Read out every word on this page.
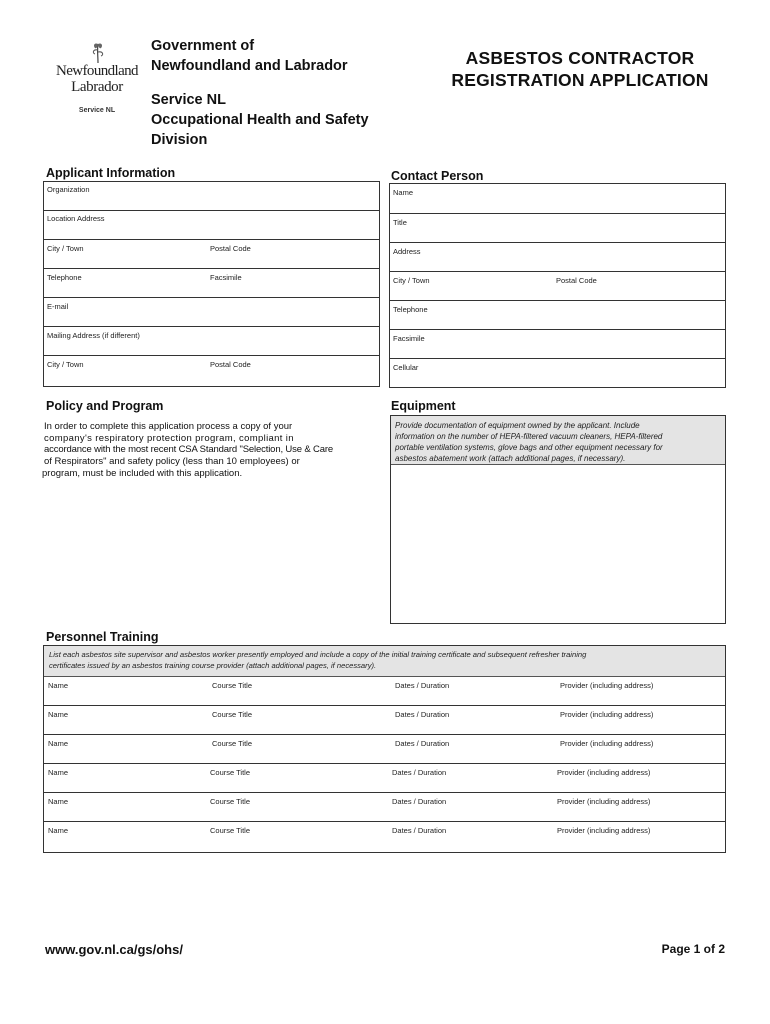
Newfoundland
Labrador
Service NL
Government of
Newfoundland and Labrador
Service NL
Occupational Health and Safety
Division
ASBESTOS CONTRACTOR
REGISTRATION APPLICATION
Applicant Information
Organization
Location Address
City / Town	Postal Code
Telephone	Facsimile
E-mail
Mailing Address (if different)
City / Town	Postal Code
Contact Person
Name
Title
Address
City / Town	Postal Code
Telephone
Facsimile
Cellular
Policy and Program
In order to complete this application process a copy of your
company's respiratory protection program, compliant in
accordance with the most recent CSA Standard "Selection, Use & Care
of Respirators" and safety policy (less than 10 employees) or
program, must be included with this application.
Equipment
Provide documentation of equipment owned by the applicant. Include
information on the number of HEPA-filtered vacuum cleaners, HEPA-filtered
portable ventilation systems, glove bags and other equipment necessary for
asbestos abatement work (attach additional pages, if necessary).
Personnel Training
List each asbestos site supervisor and asbestos worker presently employed and include a copy of the initial training certificate and subsequent refresher training
certificates issued by an asbestos training course provider (attach additional pages, if necessary).
Name	Course Title	Dates / Duration	Provider (including address)
Name	Course Title	Dates / Duration	Provider (including address)
Name	Course Title	Dates / Duration	Provider (including address)
Name	Course Title	Dates / Duration	Provider (including address)
Name	Course Title	Dates / Duration	Provider (including address)
Name	Course Title	Dates / Duration	Provider (including address)
www.gov.nl.ca/gs/ohs/	Page 1 of 2
